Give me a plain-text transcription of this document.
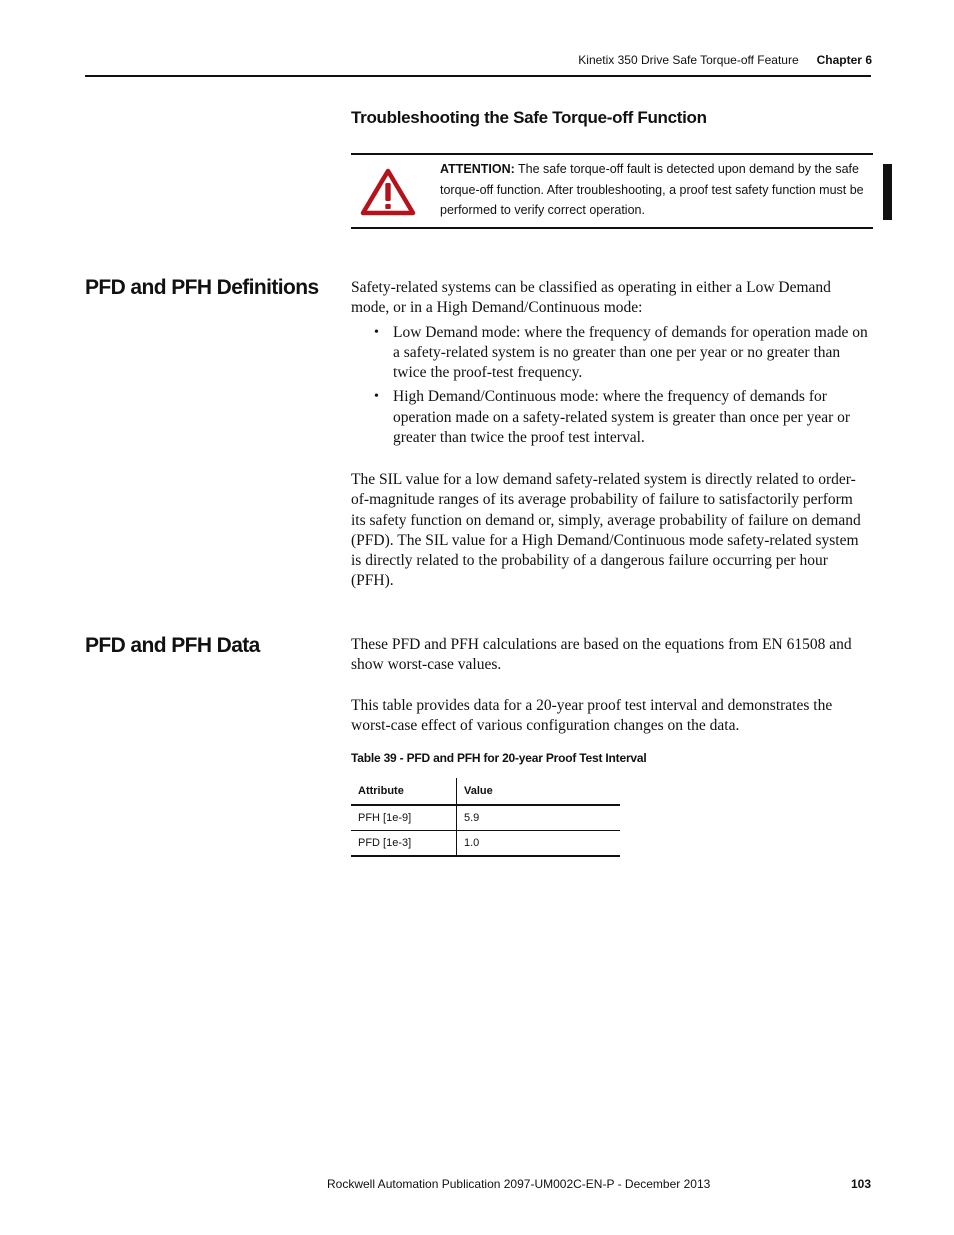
Kinetix 350 Drive Safe Torque-off Feature Chapter 6
Troubleshooting the Safe Torque-off Function
ATTENTION: The safe torque-off fault is detected upon demand by the safe torque-off function. After troubleshooting, a proof test safety function must be performed to verify correct operation.
PFD and PFH Definitions Safety-related systems can be classified as operating in either a Low Demand mode, or in a High Demand/Continuous mode:

• Low Demand mode: where the frequency of demands for operation made on a safety-related system is no greater than one per year or no greater than twice the proof-test frequency.
• High Demand/Continuous mode: where the frequency of demands for operation made on a safety-related system is greater than once per year or greater than twice the proof test interval.
The SIL value for a low demand safety-related system is directly related to order-of-magnitude ranges of its average probability of failure to satisfactorily perform its safety function on demand or, simply, average probability of failure on demand (PFD). The SIL value for a High Demand/Continuous mode safety-related system is directly related to the probability of a dangerous failure occurring per hour (PFH).
PFD and PFH Data	These PFD and PFH calculations are based on the equations from EN 61508 and show worst-case values.
This table provides data for a 20-year proof test interval and demonstrates the worst-case effect of various configuration changes on the data.
Table 39 - PFD and PFH for 20-year Proof Test Interval
Attribute	Value
PFH [1e-9]	5.9
PFD [1e-3]	1.0
Rockwell Automation Publication 2097-UM002C-EN-P - December 2013	103
